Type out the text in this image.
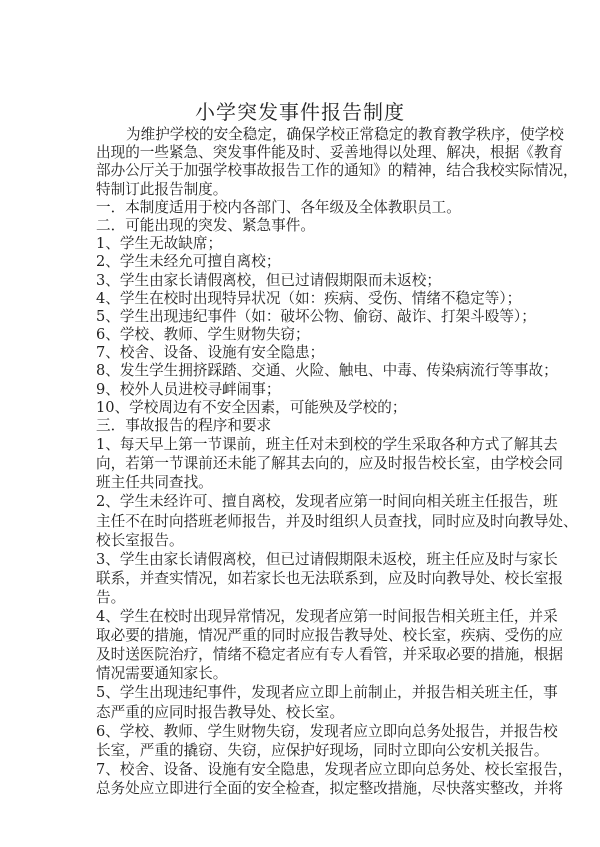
小学突发事件报告制度
为维护学校的安全稳定，确保学校正常稳定的教育教学秩序，使学校
出现的一些紧急、突发事件能及时、妥善地得以处理、解决，根据《教育
部办公厅关于加强学校事故报告工作的通知》的精神，结合我校实际情况，
特制订此报告制度。
一．本制度适用于校内各部门、各年级及全体教职员工。
二．可能出现的突发、紧急事件。
1、学生无故缺席；
2、学生未经允可擅自离校；
3、学生由家长请假离校，但已过请假期限而未返校；
4、学生在校时出现特异状况（如：疾病、受伤、情绪不稳定等）；
5、学生出现违纪事件（如：破坏公物、偷窃、敲诈、打架斗殴等）；
6、学校、教师、学生财物失窃；
7、校舍、设备、设施有安全隐患；
8、发生学生拥挤踩踏、交通、火险、触电、中毒、传染病流行等事故；
9、校外人员进校寻衅闹事；
10、学校周边有不安全因素，可能殃及学校的；
三．事故报告的程序和要求
1、每天早上第一节课前，班主任对未到校的学生采取各种方式了解其去
向，若第一节课前还未能了解其去向的，应及时报告校长室，由学校会同
班主任共同查找。
2、学生未经许可、擅自离校，发现者应第一时间向相关班主任报告，班
主任不在时向搭班老师报告，并及时组织人员查找，同时应及时向教导处、
校长室报告。
3、学生由家长请假离校，但已过请假期限未返校，班主任应及时与家长
联系，并查实情况，如若家长也无法联系到，应及时向教导处、校长室报
告。
4、学生在校时出现异常情况，发现者应第一时间报告相关班主任，并采
取必要的措施，情况严重的同时应报告教导处、校长室，疾病、受伤的应
及时送医院治疗，情绪不稳定者应有专人看管，并采取必要的措施，根据
情况需要通知家长。
5、学生出现违纪事件，发现者应立即上前制止，并报告相关班主任，事
态严重的应同时报告教导处、校长室。
6、学校、教师、学生财物失窃，发现者应立即向总务处报告，并报告校
长室，严重的撬窃、失窃，应保护好现场，同时立即向公安机关报告。
7、校舍、设备、设施有安全隐患，发现者应立即向总务处、校长室报告，
总务处应立即进行全面的安全检查，拟定整改措施，尽快落实整改，并将
